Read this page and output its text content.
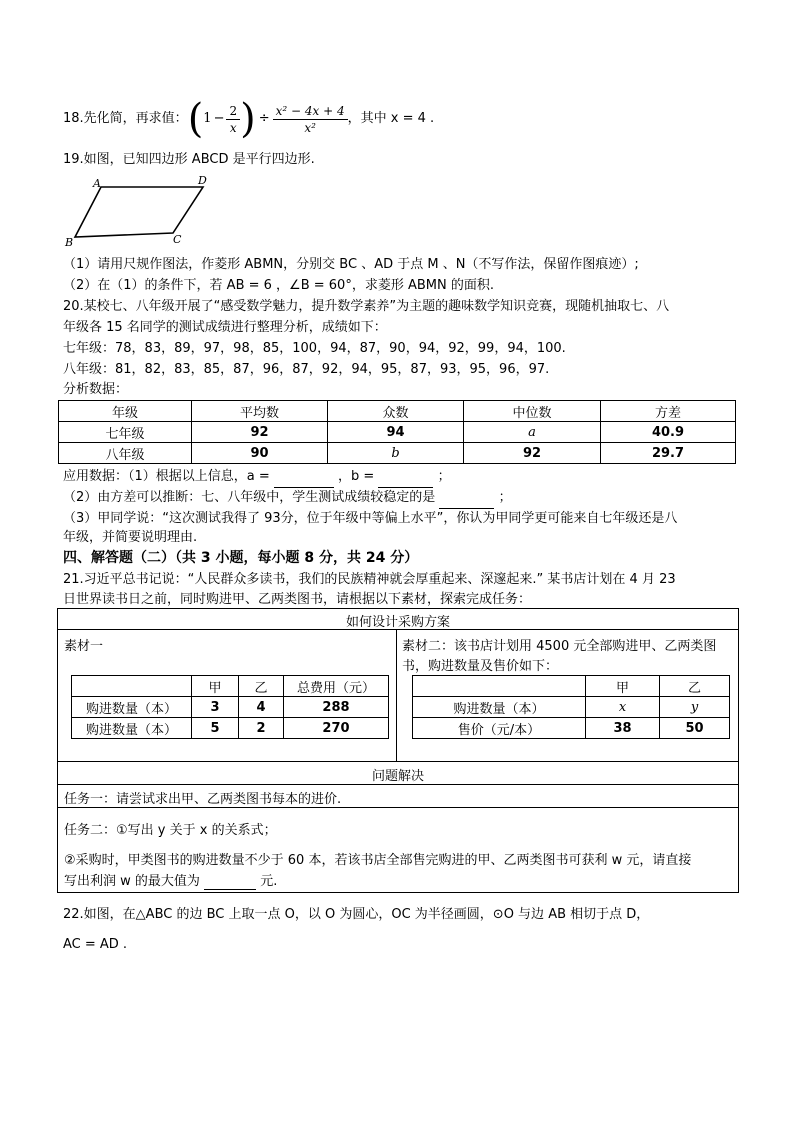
18.先化简，再求值： ( $1 - \frac{2}{x}$ ) ÷ $\frac{\text{x² − 4x + 4}}{\text{x²}}$ ，其中 x = 4 .
19.如图，已知四边形 ABCD 是平行四边形.
A	D
B	C
（1）请用尺规作图法，作菱形 ABMN，分别交 BC 、AD 于点 M 、N（不写作法，保留作图痕迹）;
（2）在（1）的条件下，若 AB = 6 ，∠B = 60°，求菱形 ABMN 的面积.
20.某校七、八年级开展了“感受数学魅力，提升数学素养”为主题的趣味数学知识竞赛，现随机抽取七、八
年级各 15 名同学的测试成绩进行整理分析，成绩如下：
七年级：78，83，89，97，98，85，100，94，87，90，94，92，99，94，100.
八年级：81，82，83，85，87，96，87，92，94，95，87，93，95，96，97.
分析数据：
年级	平均数	众数	中位数	方差
七年级	92	94	a	40.9
八年级	90	b	92	29.7
应用数据：（1）根据以上信息，a =	，b =	；
（2）由方差可以推断：七、八年级中，学生测试成绩较稳定的是	；
（3）甲同学说：“这次测试我得了 93分，位于年级中等偏上水平”，你认为甲同学更可能来自七年级还是八
年级，并简要说明理由.
四、解答题（二）（共 3 小题，每小题 8 分，共 24 分）
21.习近平总书记说：“人民群众多读书，我们的民族精神就会厚重起来、深邃起来.” 某书店计划在 4 月 23
日世界读书日之前，同时购进甲、乙两类图书，请根据以下素材，探索完成任务：
如何设计采购方案
素材一
	甲	乙	总费用（元）
购进数量（本）	3	4	288
购进数量（本）	5	2	270
素材二：该书店计划用 4500 元全部购进甲、乙两类图
书，购进数量及售价如下：
	甲	乙
购进数量（本）	x	y
售价（元/本）	38	50
问题解决
任务一：请尝试求出甲、乙两类图书每本的进价.
任务二：①写出 y 关于 x 的关系式；
②采购时，甲类图书的购进数量不少于 60 本，若该书店全部售完购进的甲、乙两类图书可获利 w 元，请直接
写出利润 w 的最大值为	元.
22.如图，在△ABC 的边 BC 上取一点 O，以 O 为圆心，OC 为半径画圆，⊙O 与边 AB 相切于点 D，
AC = AD .
